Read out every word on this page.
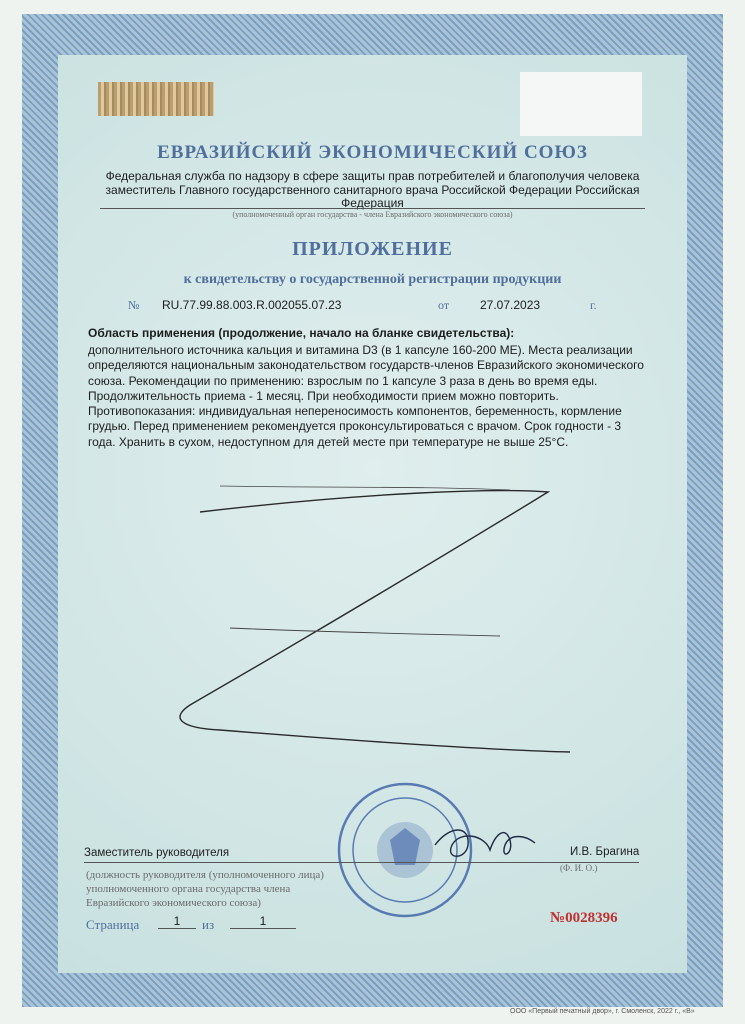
ЕВРАЗИЙСКИЙ ЭКОНОМИЧЕСКИЙ СОЮЗ
Федеральная служба по надзору в сфере защиты прав потребителей и благополучия человека заместитель Главного государственного санитарного врача Российской Федерации Российская Федерация
(уполномоченный орган государства - члена Евразийского экономического союза)
ПРИЛОЖЕНИЕ
к свидетельству о государственной регистрации продукции
№ RU.77.99.88.003.R.002055.07.23	от	27.07.2023	г.
Область применения (продолжение, начало на бланке свидетельства):
дополнительного источника кальция и витамина D3 (в 1 капсуле 160-200 МЕ). Места реализации определяются национальным законодательством государств-членов Евразийского экономического союза. Рекомендации по применению: взрослым по 1 капсуле 3 раза в день во время еды. Продолжительность приема - 1 месяц. При необходимости прием можно повторить. Противопоказания: индивидуальная непереносимость компонентов, беременность, кормление грудью. Перед применением рекомендуется проконсультироваться с врачом. Срок годности - 3 года. Хранить в сухом, недоступном для детей месте при температуре не выше 25°C.
Заместитель руководителя	И.В. Брагина
(Ф. И. О.)
(должность руководителя (уполномоченного лица) уполномоченного органа государства члена Евразийского экономического союза)
Страница	1	из	1	№0028396
ООО «Первый печатный двор», г. Смоленск, 2022 г., «В»
